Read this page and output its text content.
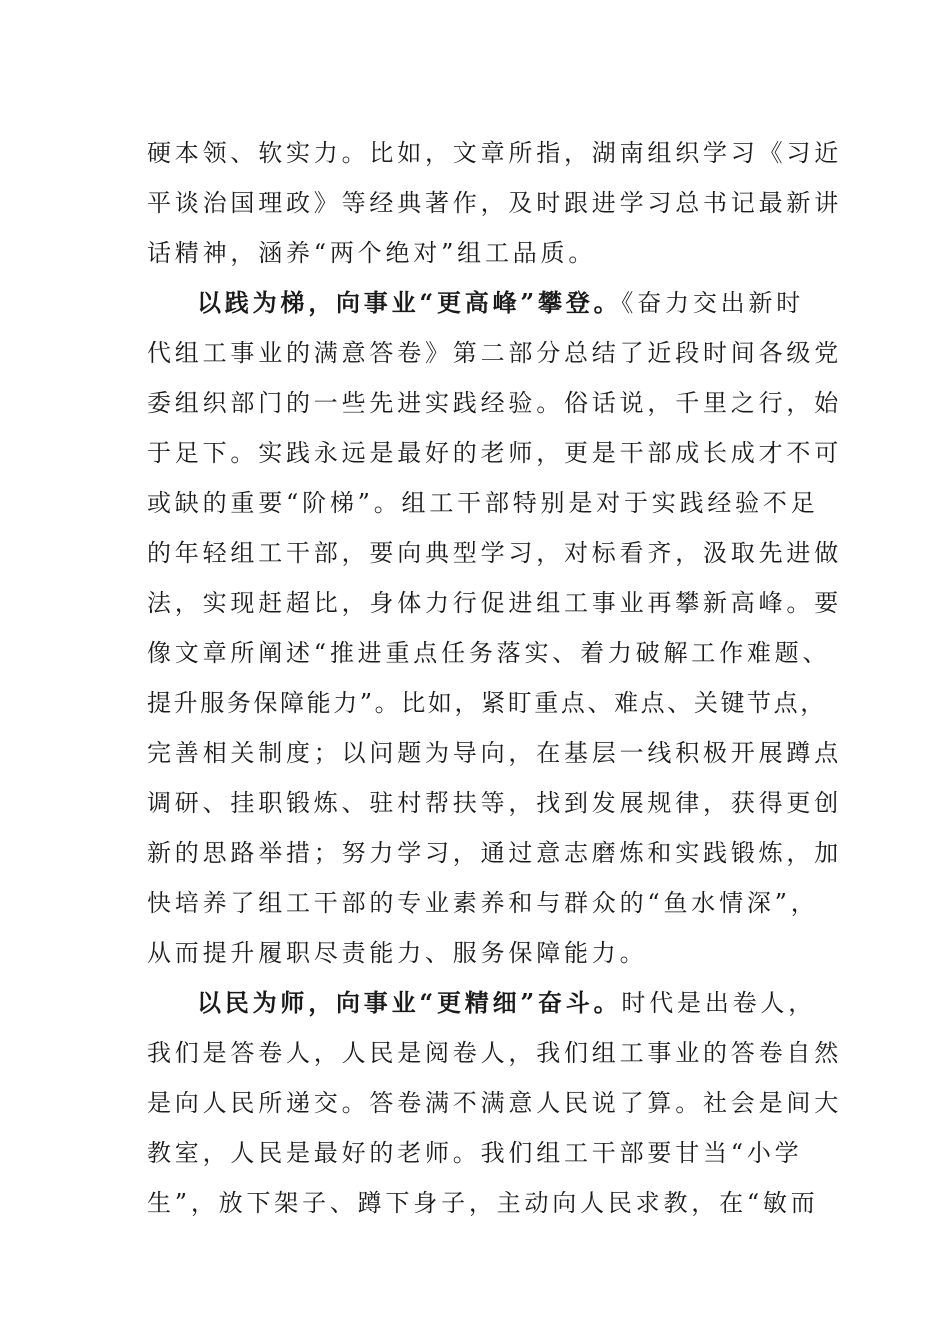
硬本领、软实力。比如，文章所指，湖南组织学习《习近
平谈治国理政》等经典著作，及时跟进学习总书记最新讲
话精神，涵养“两个绝对”组工品质。
以践为梯，向事业“更高峰”攀登。《奋力交出新时
代组工事业的满意答卷》第二部分总结了近段时间各级党
委组织部门的一些先进实践经验。俗话说，千里之行，始
于足下。实践永远是最好的老师，更是干部成长成才不可
或缺的重要“阶梯”。组工干部特别是对于实践经验不足
的年轻组工干部，要向典型学习，对标看齐，汲取先进做
法，实现赶超比，身体力行促进组工事业再攀新高峰。要
像文章所阐述“推进重点任务落实、着力破解工作难题、
提升服务保障能力”。比如，紧盯重点、难点、关键节点，
完善相关制度；以问题为导向，在基层一线积极开展蹲点
调研、挂职锻炼、驻村帮扶等，找到发展规律，获得更创
新的思路举措；努力学习，通过意志磨炼和实践锻炼，加
快培养了组工干部的专业素养和与群众的“鱼水情深”，
从而提升履职尽责能力、服务保障能力。
以民为师，向事业“更精细”奋斗。时代是出卷人，
我们是答卷人，人民是阅卷人，我们组工事业的答卷自然
是向人民所递交。答卷满不满意人民说了算。社会是间大
教室，人民是最好的老师。我们组工干部要甘当“小学
生”，放下架子、蹲下身子，主动向人民求教，在“敏而
